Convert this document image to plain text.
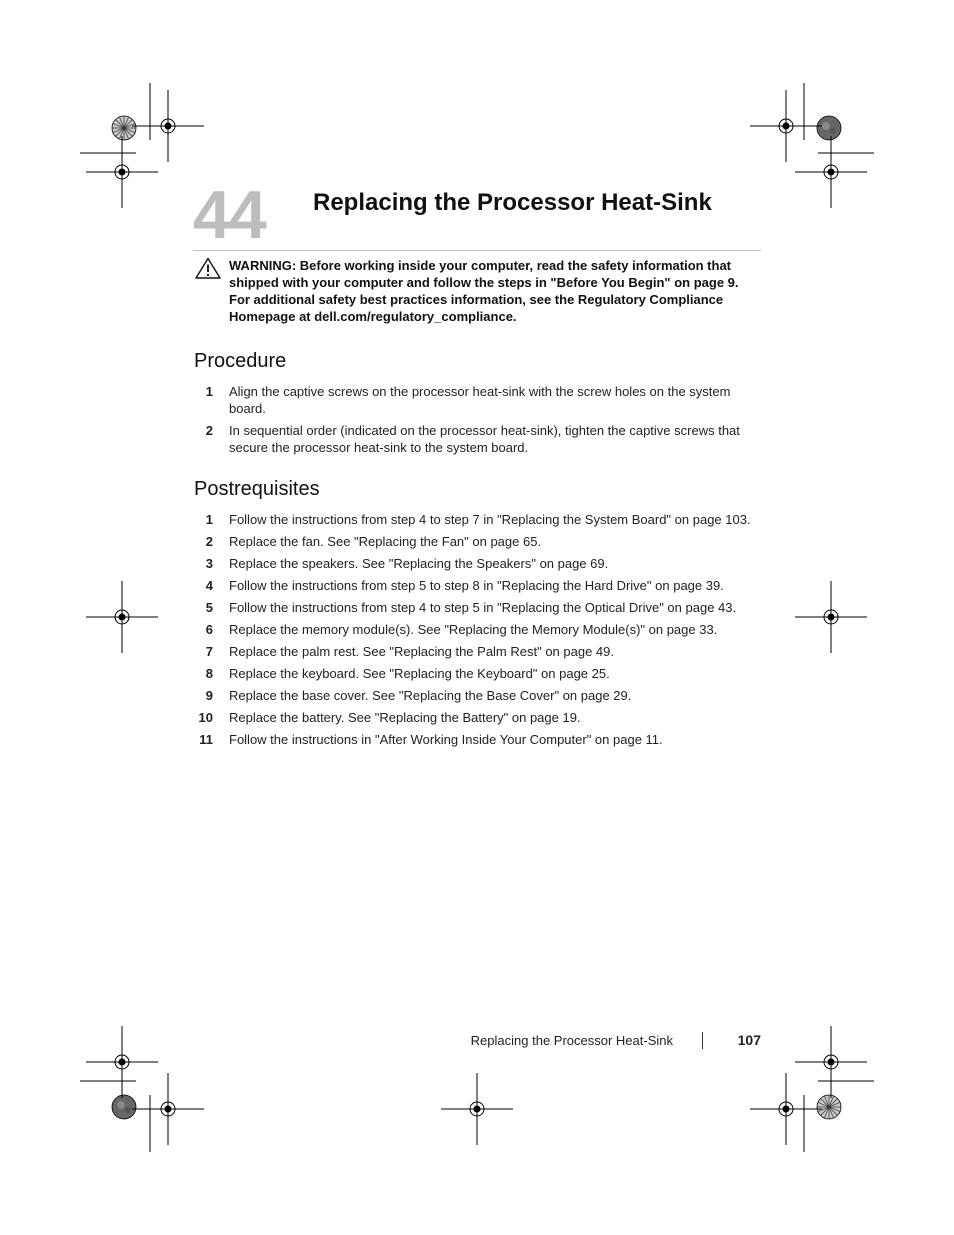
44 Replacing the Processor Heat-Sink
WARNING: Before working inside your computer, read the safety information that shipped with your computer and follow the steps in "Before You Begin" on page 9. For additional safety best practices information, see the Regulatory Compliance Homepage at dell.com/regulatory_compliance.
Procedure
1 Align the captive screws on the processor heat-sink with the screw holes on the system board.
2 In sequential order (indicated on the processor heat-sink), tighten the captive screws that secure the processor heat-sink to the system board.
Postrequisites
1 Follow the instructions from step 4 to step 7 in "Replacing the System Board" on page 103.
2 Replace the fan. See "Replacing the Fan" on page 65.
3 Replace the speakers. See "Replacing the Speakers" on page 69.
4 Follow the instructions from step 5 to step 8 in "Replacing the Hard Drive" on page 39.
5 Follow the instructions from step 4 to step 5 in "Replacing the Optical Drive" on page 43.
6 Replace the memory module(s). See "Replacing the Memory Module(s)" on page 33.
7 Replace the palm rest. See "Replacing the Palm Rest" on page 49.
8 Replace the keyboard. See "Replacing the Keyboard" on page 25.
9 Replace the base cover. See "Replacing the Base Cover" on page 29.
10 Replace the battery. See "Replacing the Battery" on page 19.
11 Follow the instructions in "After Working Inside Your Computer" on page 11.
Replacing the Processor Heat-Sink	107
